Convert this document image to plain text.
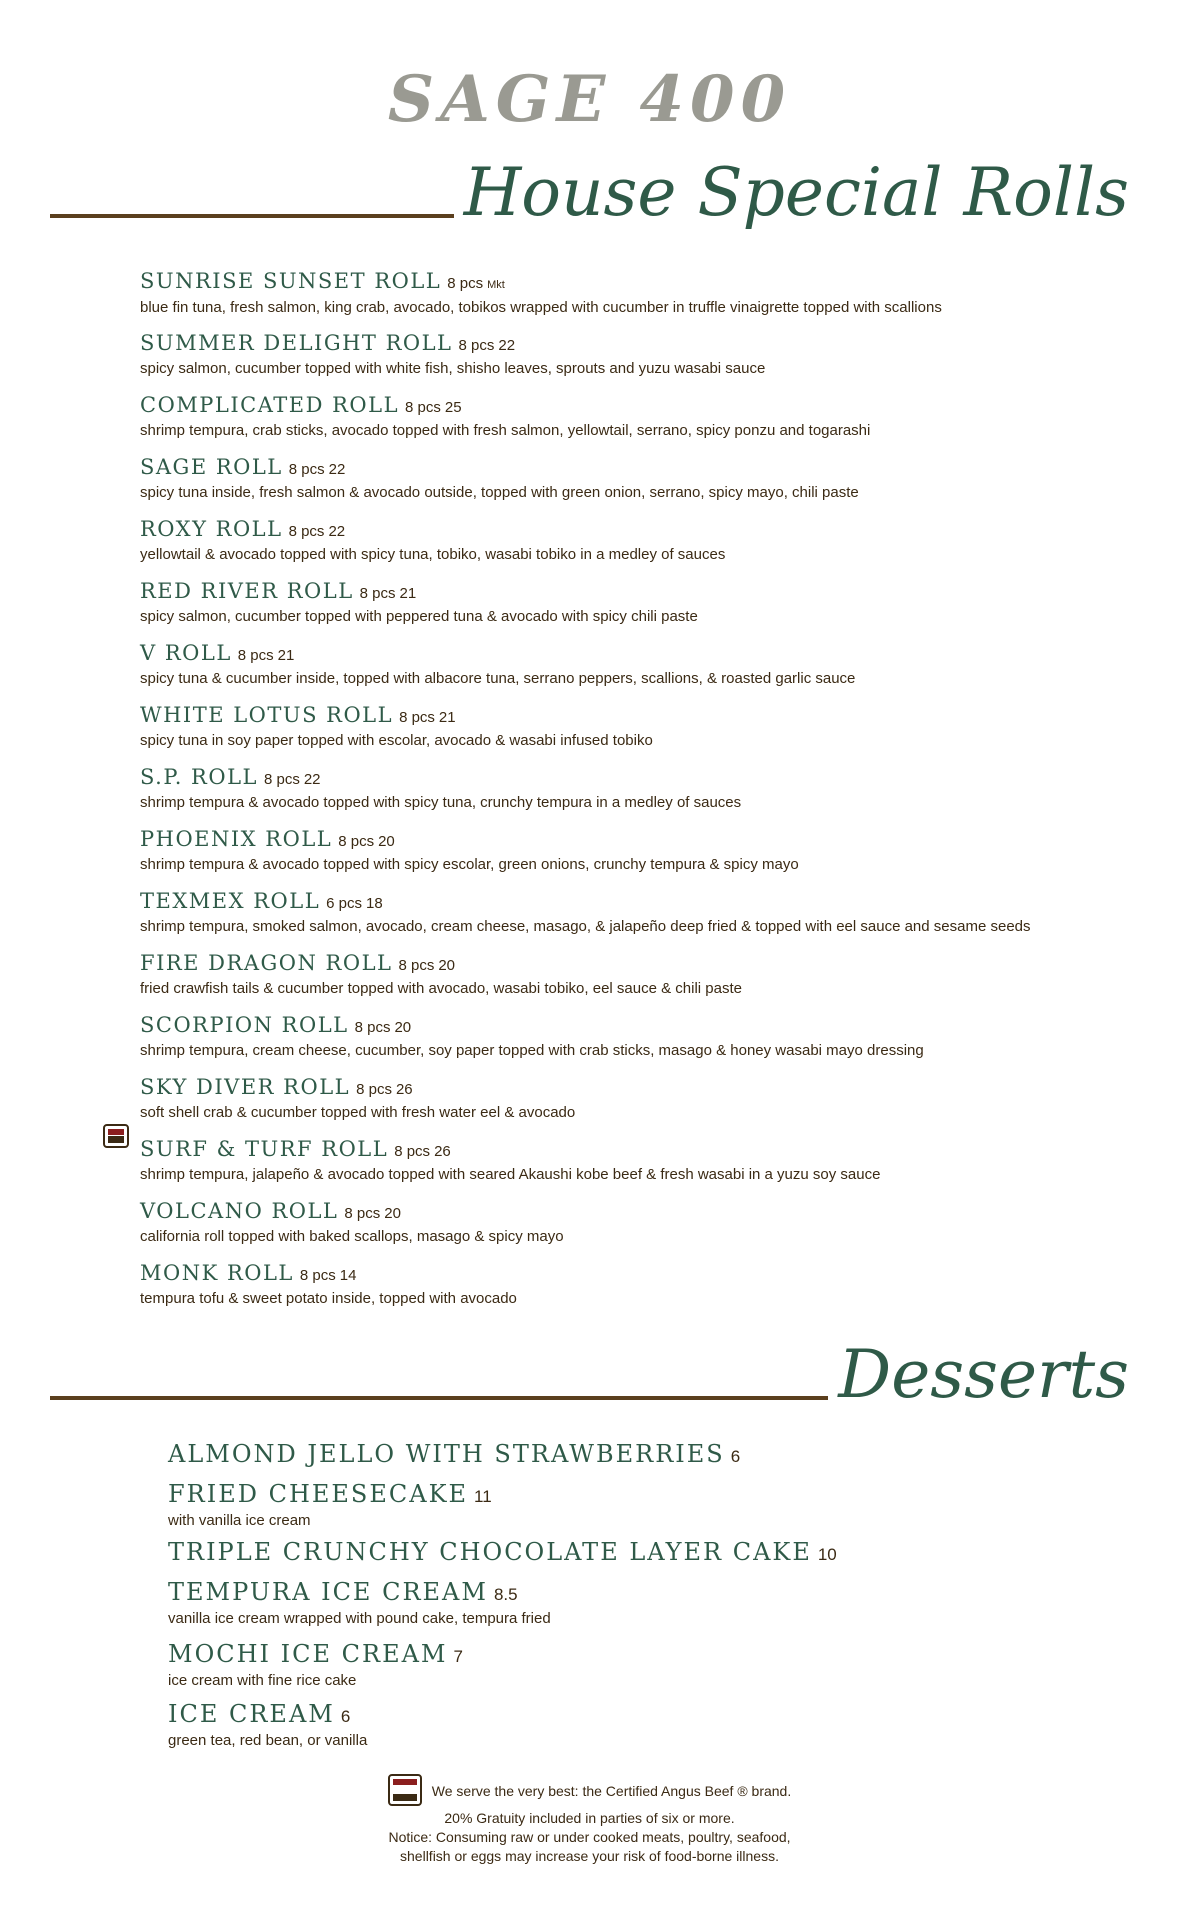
SAGE 400
House Special Rolls
SUNRISE SUNSET ROLL 8 pcs Mkt
blue fin tuna, fresh salmon, king crab, avocado, tobikos wrapped with cucumber in truffle vinaigrette topped with scallions
SUMMER DELIGHT ROLL 8 pcs 22
spicy salmon, cucumber topped with white fish, shisho leaves, sprouts and yuzu wasabi sauce
COMPLICATED ROLL 8 pcs 25
shrimp tempura, crab sticks, avocado topped with fresh salmon, yellowtail, serrano, spicy ponzu and togarashi
SAGE ROLL 8 pcs 22
spicy tuna inside, fresh salmon & avocado outside, topped with green onion, serrano, spicy mayo, chili paste
ROXY ROLL 8 pcs 22
yellowtail & avocado topped with spicy tuna, tobiko, wasabi tobiko in a medley of sauces
RED RIVER ROLL 8 pcs 21
spicy salmon, cucumber topped with peppered tuna & avocado with spicy chili paste
V ROLL 8 pcs 21
spicy tuna & cucumber inside, topped with albacore tuna, serrano peppers, scallions, & roasted garlic sauce
WHITE LOTUS ROLL 8 pcs 21
spicy tuna in soy paper topped with escolar, avocado & wasabi infused tobiko
S.P. ROLL 8 pcs 22
shrimp tempura & avocado topped with spicy tuna, crunchy tempura in a medley of sauces
PHOENIX ROLL 8 pcs 20
shrimp tempura & avocado topped with spicy escolar, green onions, crunchy tempura & spicy mayo
TEXMEX ROLL 6 pcs 18
shrimp tempura, smoked salmon, avocado, cream cheese, masago, & jalapeño deep fried & topped with eel sauce and sesame seeds
FIRE DRAGON ROLL 8 pcs 20
fried crawfish tails & cucumber topped with avocado, wasabi tobiko, eel sauce & chili paste
SCORPION ROLL 8 pcs 20
shrimp tempura, cream cheese, cucumber, soy paper topped with crab sticks, masago & honey wasabi mayo dressing
SKY DIVER ROLL 8 pcs 26
soft shell crab & cucumber topped with fresh water eel & avocado
SURF & TURF ROLL 8 pcs 26
shrimp tempura, jalapeño & avocado topped with seared Akaushi kobe beef & fresh wasabi in a yuzu soy sauce
VOLCANO ROLL 8 pcs 20
california roll topped with baked scallops, masago & spicy mayo
MONK ROLL 8 pcs 14
tempura tofu & sweet potato inside, topped with avocado
Desserts
ALMOND JELLO WITH STRAWBERRIES 6
FRIED CHEESECAKE 11
with vanilla ice cream
TRIPLE CRUNCHY CHOCOLATE LAYER CAKE 10
TEMPURA ICE CREAM 8.5
vanilla ice cream wrapped with pound cake, tempura fried
MOCHI ICE CREAM 7
ice cream with fine rice cake
ICE CREAM 6
green tea, red bean, or vanilla
We serve the very best: the Certified Angus Beef ® brand.

20% Gratuity included in parties of six or more.

Notice: Consuming raw or under cooked meats, poultry, seafood,

shellfish or eggs may increase your risk of food-borne illness.
